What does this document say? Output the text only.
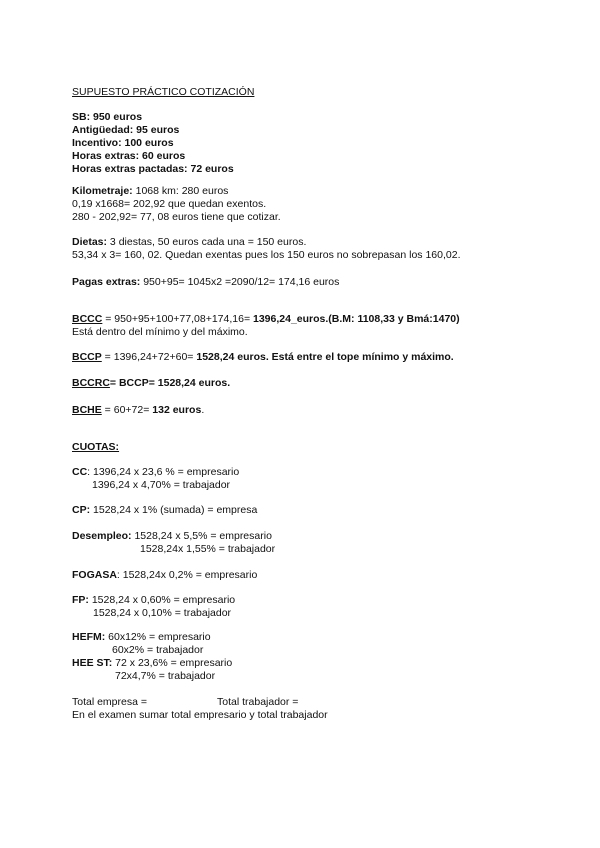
SUPUESTO PRÁCTICO COTIZACIÓN
SB: 950 euros
Antigüedad: 95 euros
Incentivo: 100 euros
Horas extras: 60 euros
Horas extras pactadas: 72 euros
Kilometraje: 1068 km: 280 euros
0,19 x1668= 202,92 que quedan exentos.
280 - 202,92= 77, 08 euros tiene que cotizar.
Dietas: 3 diestas, 50 euros cada una = 150 euros.
53,34 x 3= 160, 02. Quedan exentas pues los 150 euros no sobrepasan los 160,02.
Pagas extras: 950+95= 1045x2 =2090/12= 174,16 euros
BCCC = 950+95+100+77,08+174,16= 1396,24_euros.(B.M: 1108,33 y Bmá:1470)
Está dentro del mínimo y del máximo.
BCCP = 1396,24+72+60= 1528,24 euros. Está entre el tope mínimo y máximo.
BCCRC= BCCP= 1528,24 euros.
BCHE = 60+72= 132 euros.
CUOTAS:
CC: 1396,24 x 23,6 % = empresario
1396,24 x 4,70% = trabajador
CP: 1528,24 x 1% (sumada) = empresa
Desempleo: 1528,24 x 5,5% = empresario
1528,24x 1,55% = trabajador
FOGASA: 1528,24x 0,2% = empresario
FP: 1528,24 x 0,60% = empresario
1528,24 x 0,10% = trabajador
HEFM: 60x12% = empresario
60x2% = trabajador
HEE ST: 72 x 23,6% = empresario
72x4,7% = trabajador
Total empresa =	Total trabajador =
En el examen sumar total empresario y total trabajador
